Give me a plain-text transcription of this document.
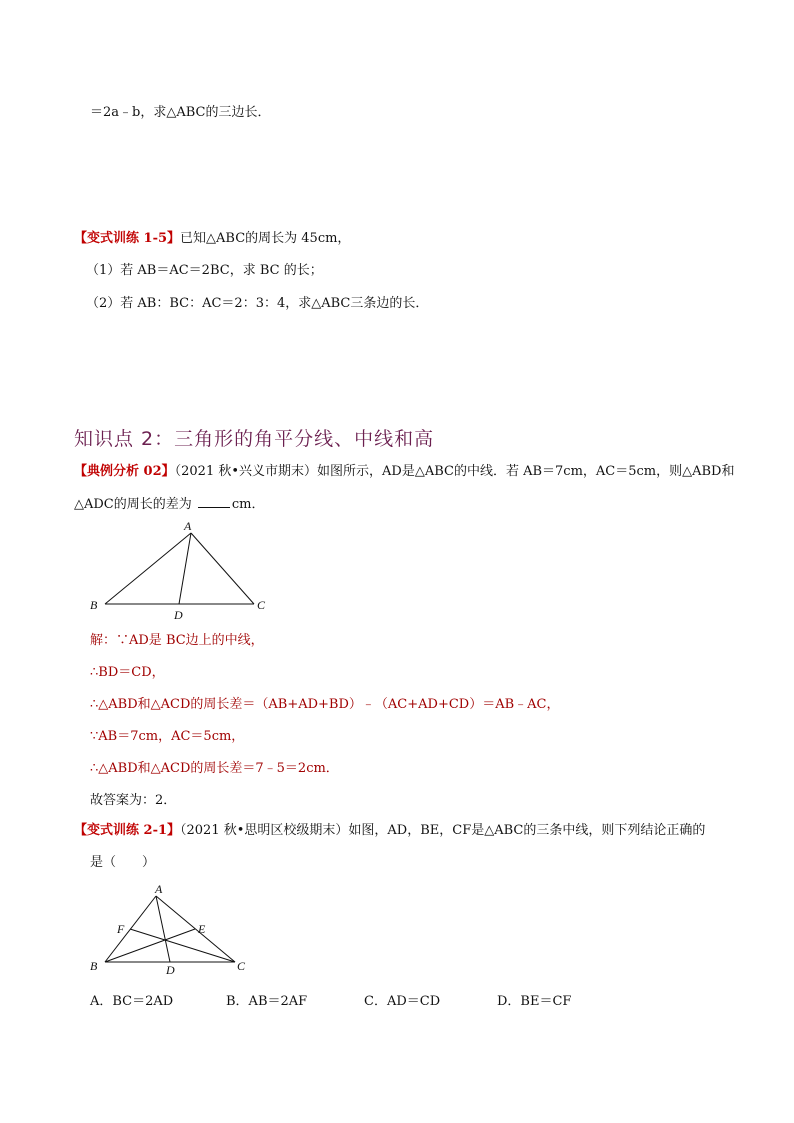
＝2a﹣b，求△ABC的三边长．
【变式训练 1-5】已知△ABC的周长为 45cm，
（1）若 AB＝AC＝2BC，求 BC 的长；
（2）若 AB：BC：AC＝2：3：4，求△ABC三条边的长．
知识点 2：三角形的角平分线、中线和高
【典例分析 02】（2021 秋•兴义市期末）如图所示，AD是△ABC的中线．若 AB＝7cm，AC＝5cm，则△ABD和
△ADC的周长的差为	cm．
A
B	C
D
解：∵AD是 BC边上的中线，
∴BD＝CD，
∴△ABD和△ACD的周长差＝（AB+AD+BD）﹣（AC+AD+CD）＝AB﹣AC，
∵AB＝7cm，AC＝5cm，
∴△ABD和△ACD的周长差＝7﹣5＝2cm．
故答案为：2．
【变式训练 2-1】（2021 秋•思明区校级期末）如图，AD，BE，CF是△ABC的三条中线，则下列结论正确的
是（　　）
A
B	C
D
E
F
A．BC＝2AD	B．AB＝2AF	C．AD＝CD	D．BE＝CF
